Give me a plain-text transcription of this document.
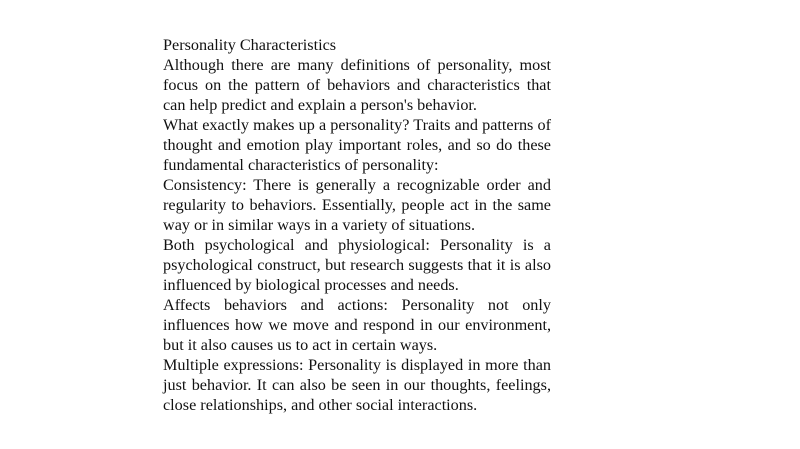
Personality Characteristics

Although there are many definitions of personality, most focus on the pattern of behaviors and characteristics that can help predict and explain a person's behavior.

What exactly makes up a personality? Traits and patterns of thought and emotion play important roles, and so do these fundamental characteristics of personality:

Consistency: There is generally a recognizable order and regularity to behaviors. Essentially, people act in the same way or in similar ways in a variety of situations.

Both psychological and physiological: Personality is a psychological construct, but research suggests that it is also influenced by biological processes and needs.

Affects behaviors and actions: Personality not only influences how we move and respond in our environment, but it also causes us to act in certain ways.

Multiple expressions: Personality is displayed in more than just behavior. It can also be seen in our thoughts, feelings, close relationships, and other social interactions.
